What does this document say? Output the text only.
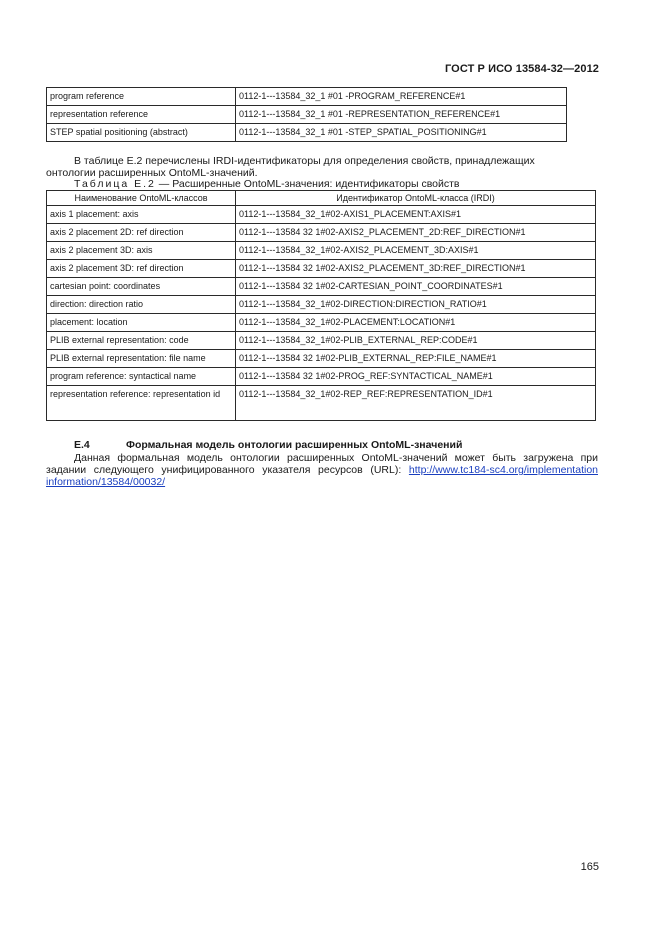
ГОСТ Р ИСО 13584-32—2012
program reference	0112-1---13584_32_1 #01 -PROGRAM_REFERENCE#1
representation reference	0112-1---13584_32_1 #01 -REPRESENTATION_REFERENCE#1
STEP spatial positioning (abstract)	0112-1---13584_32_1 #01 -STEP_SPATIAL_POSITIONING#1
В таблице Е.2 перечислены IRDI-идентификаторы для определения свойств, принадлежащих
онтологии расширенных OntoML-значений.
Таблица Е.2 — Расширенные OntoML-значения: идентификаторы свойств
Наименование OntoML-классов	Идентификатор OntoML-класса (IRDI)
axis 1 placement: axis	0112-1---13584_32_1#02-AXIS1_PLACEMENT:AXIS#1
axis 2 placement 2D: ref direction	0112-1---13584 32 1#02-AXIS2_PLACEMENT_2D:REF_DIRECTION#1
axis 2 placement 3D: axis	0112-1---13584_32_1#02-AXIS2_PLACEMENT_3D:AXIS#1
axis 2 placement 3D: ref direction	0112-1---13584 32 1#02-AXIS2_PLACEMENT_3D:REF_DIRECTION#1
cartesian point: coordinates	0112-1---13584 32 1#02-CARTESIAN_POINT_COORDINATES#1
direction: direction ratio	0112-1---13584_32_1#02-DIRECTION:DIRECTION_RATIO#1
placement: location	0112-1---13584_32_1#02-PLACEMENT:LOCATION#1
PLIB external representation: code	0112-1---13584_32_1#02-PLIB_EXTERNAL_REP:CODE#1
PLIB external representation: file name	0112-1---13584 32 1#02-PLIB_EXTERNAL_REP:FILE_NAME#1
program reference: syntactical name	0112-1---13584 32 1#02-PROG_REF:SYNTACTICAL_NAME#1
representation reference: representation id	0112-1---13584_32_1#02-REP_REF:REPRESENTATION_ID#1
E.4	Формальная модель онтологии расширенных OntoML-значений
Данная формальная модель онтологии расширенных OntoML-значений может быть загружена при задании следующего унифицированного указателя ресурсов (URL): http://www.tc184-sc4.org/implementation information/13584/00032/
165
